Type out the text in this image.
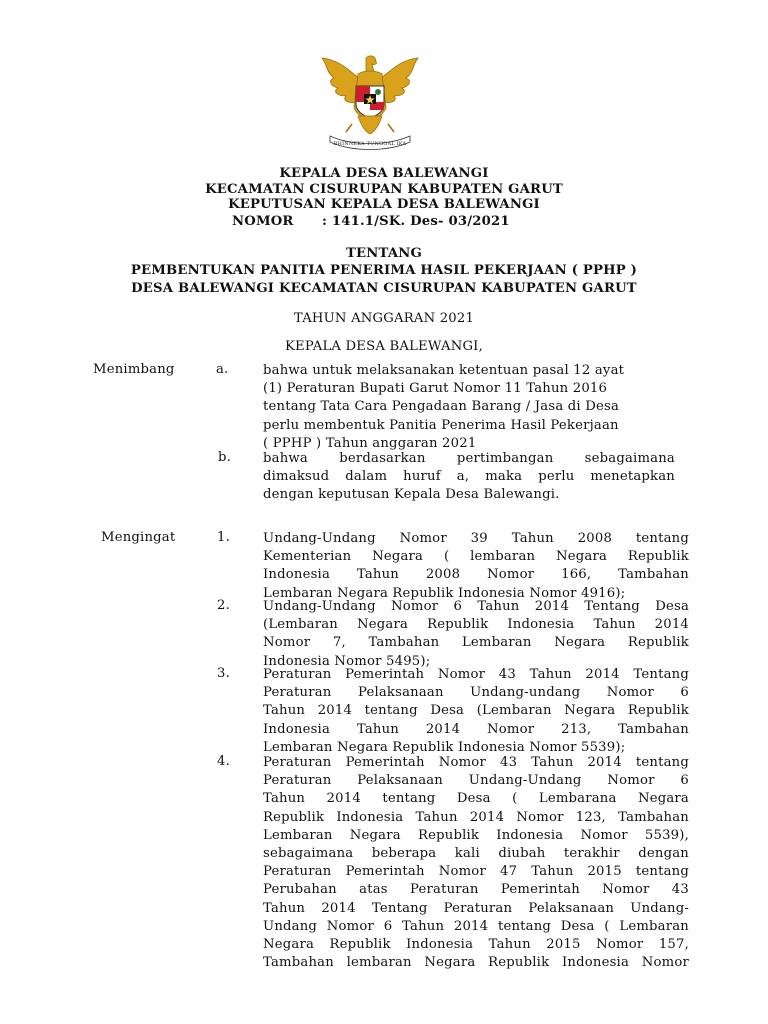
BHINNEKA TUNGGAL IKA
KEPALA DESA BALEWANGI
KECAMATAN CISURUPAN KABUPATEN GARUT
KEPUTUSAN KEPALA DESA BALEWANGI
NOMOR : 141.1/SK. Des- 03/2021
TENTANG
PEMBENTUKAN PANITIA PENERIMA HASIL PEKERJAAN ( PPHP )
DESA BALEWANGI KECAMATAN CISURUPAN KABUPATEN GARUT
TAHUN ANGGARAN 2021
KEPALA DESA BALEWANGI,
Menimbang	a.	bahwa untuk melaksanakan ketentuan pasal 12 ayat
(1) Peraturan Bupati Garut Nomor 11 Tahun 2016
tentang Tata Cara Pengadaan Barang / Jasa di Desa
perlu membentuk Panitia Penerima Hasil Pekerjaan
( PPHP ) Tahun anggaran 2021
b. bahwa berdasarkan pertimbangan sebagaimana
dimaksud dalam huruf a, maka perlu menetapkan
dengan keputusan Kepala Desa Balewangi.
Mengingat	1.	Undang-Undang Nomor 39 Tahun 2008 tentang
Kementerian Negara ( lembaran Negara Republik
Indonesia Tahun 2008 Nomor 166, Tambahan
Lembaran Negara Republik Indonesia Nomor 4916);
2.	Undang-Undang Nomor 6 Tahun 2014 Tentang Desa
(Lembaran Negara Republik Indonesia Tahun 2014
Nomor 7, Tambahan Lembaran Negara Republik
Indonesia Nomor 5495);
3.	Peraturan Pemerintah Nomor 43 Tahun 2014 Tentang
Peraturan Pelaksanaan Undang-undang Nomor 6
Tahun 2014 tentang Desa (Lembaran Negara Republik
Indonesia Tahun 2014 Nomor 213, Tambahan
Lembaran Negara Republik Indonesia Nomor 5539);
4.	Peraturan Pemerintah Nomor 43 Tahun 2014 tentang
Peraturan Pelaksanaan Undang-Undang Nomor 6
Tahun 2014 tentang Desa ( Lembarana Negara
Republik Indonesia Tahun 2014 Nomor 123, Tambahan
Lembaran Negara Republik Indonesia Nomor 5539),
sebagaimana beberapa kali diubah terakhir dengan
Peraturan Pemerintah Nomor 47 Tahun 2015 tentang
Perubahan atas Peraturan Pemerintah Nomor 43
Tahun 2014 Tentang Peraturan Pelaksanaan Undang-
Undang Nomor 6 Tahun 2014 tentang Desa ( Lembaran
Negara Republik Indonesia Tahun 2015 Nomor 157,
Tambahan lembaran Negara Republik Indonesia Nomor
